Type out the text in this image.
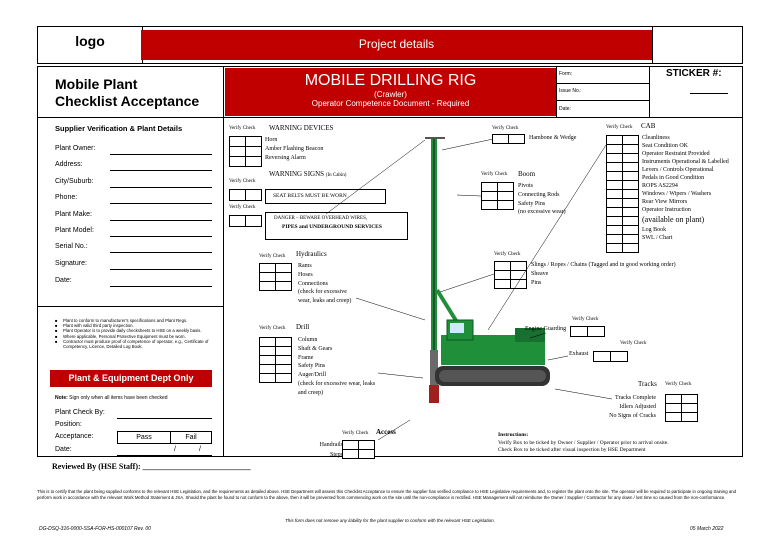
logo	Project details
Mobile Plant
Checklist Acceptance
MOBILE DRILLING RIG
(Crawler)
Operator Competence Document - Required
Form:
Issue No.:
Date:
STICKER #:
Supplier Verification & Plant Details
Plant Owner:
Address:
City/Suburb:
Phone:
Plant Make:
Plant Model:
Serial No.:
Signature:
Date:
■ Plant to conform to manufacturer's specifications and Plant Regs.
■ Plant with valid third party inspection.
■ Plant Operator is to provide daily checksheets to HSE on a weekly basis.
■ Where applicable, Personal Protective Equipment must be worn.
■ Contractor must produce proof of competence of operator, e.g., Certificate of Competency, Licence, Detailed Log Book.
Plant & Equipment Dept Only
Note: Sign only when all items have been checked
Plant Check By:
Position:
Acceptance:	Pass	Fail
Date:	/	/
Verify Check WARNING DEVICES
Horn
Amber Flashing Beacon
Reversing Alarm
WARNING SIGNS (In Cabin)
Verify Check
SEAT BELTS MUST BE WORN
Verify Check
DANGER – BEWARE OVERHEAD WIRES,
PIPES and UNDERGROUND SERVICES
Verify Check Hydraulics
Rams
Hoses
Connections
(check for excessive
wear, leaks and creep)
Verify Check Drill
Column
Shaft & Gears
Frame
Safety Pins
Auger/Drill
(check for excessive wear, leaks
and creep)
Verify Check Access
Handrails
Steps
Verify Check
Hambone & Wedge
Verify Check Boom
Pivots
Connecting Rods
Safety Pins
(no excessive wear)
Verify Check
Slings / Ropes / Chains (Tagged and in good working order)
Sheave
Pins
Verify Check
Engine Guarding
Verify Check
Exhaust
Tracks Verify Check
Tracks Complete
Idlers Adjusted
No Signs of Cracks
Verify Check CAB
Cleanliness
Seat Condition OK
Operator Restraint Provided
Instruments Operational & Labelled
Levers / Controls Operational
Pedals in Good Condition
ROPS AS2294
Windows / Wipers / Washers
Rear View Mirrors
Operator Instruction
(available on plant)
Log Book
SWL / Chart
Instructions:
Verify Box to be ticked by Owner / Supplier / Operator prior to arrival onsite.
Check Box to be ticked after visual inspection by HSE Department
Reviewed By (HSE Staff): ___________________________
This is to certify that the plant being supplied conforms to the relevant HSE Legislation, and the requirements as detailed above. HSE Department will assess this Checklist Acceptance to ensure the supplier has verified compliance to HSE Legislative requirements and, to register the plant onto the site. The operator will be required to participate in ongoing training and perform work in accordance with the relevant Work Method Statement & JSA. Should the plant be found to not conform to the above, then it will be prevented from commencing work on the site until the non-compliance is rectified. HSE Management will not reimburse the Owner / Supplier / Contractor for any down / lost time so caused from the non-conformance.
This form does not remove any liability for the plant supplier to conform with the relevant HSE Legislation.
DG-DSQ-316-0000-SSA-FOR-HS-000107 Rev. 00	05 March 2022
